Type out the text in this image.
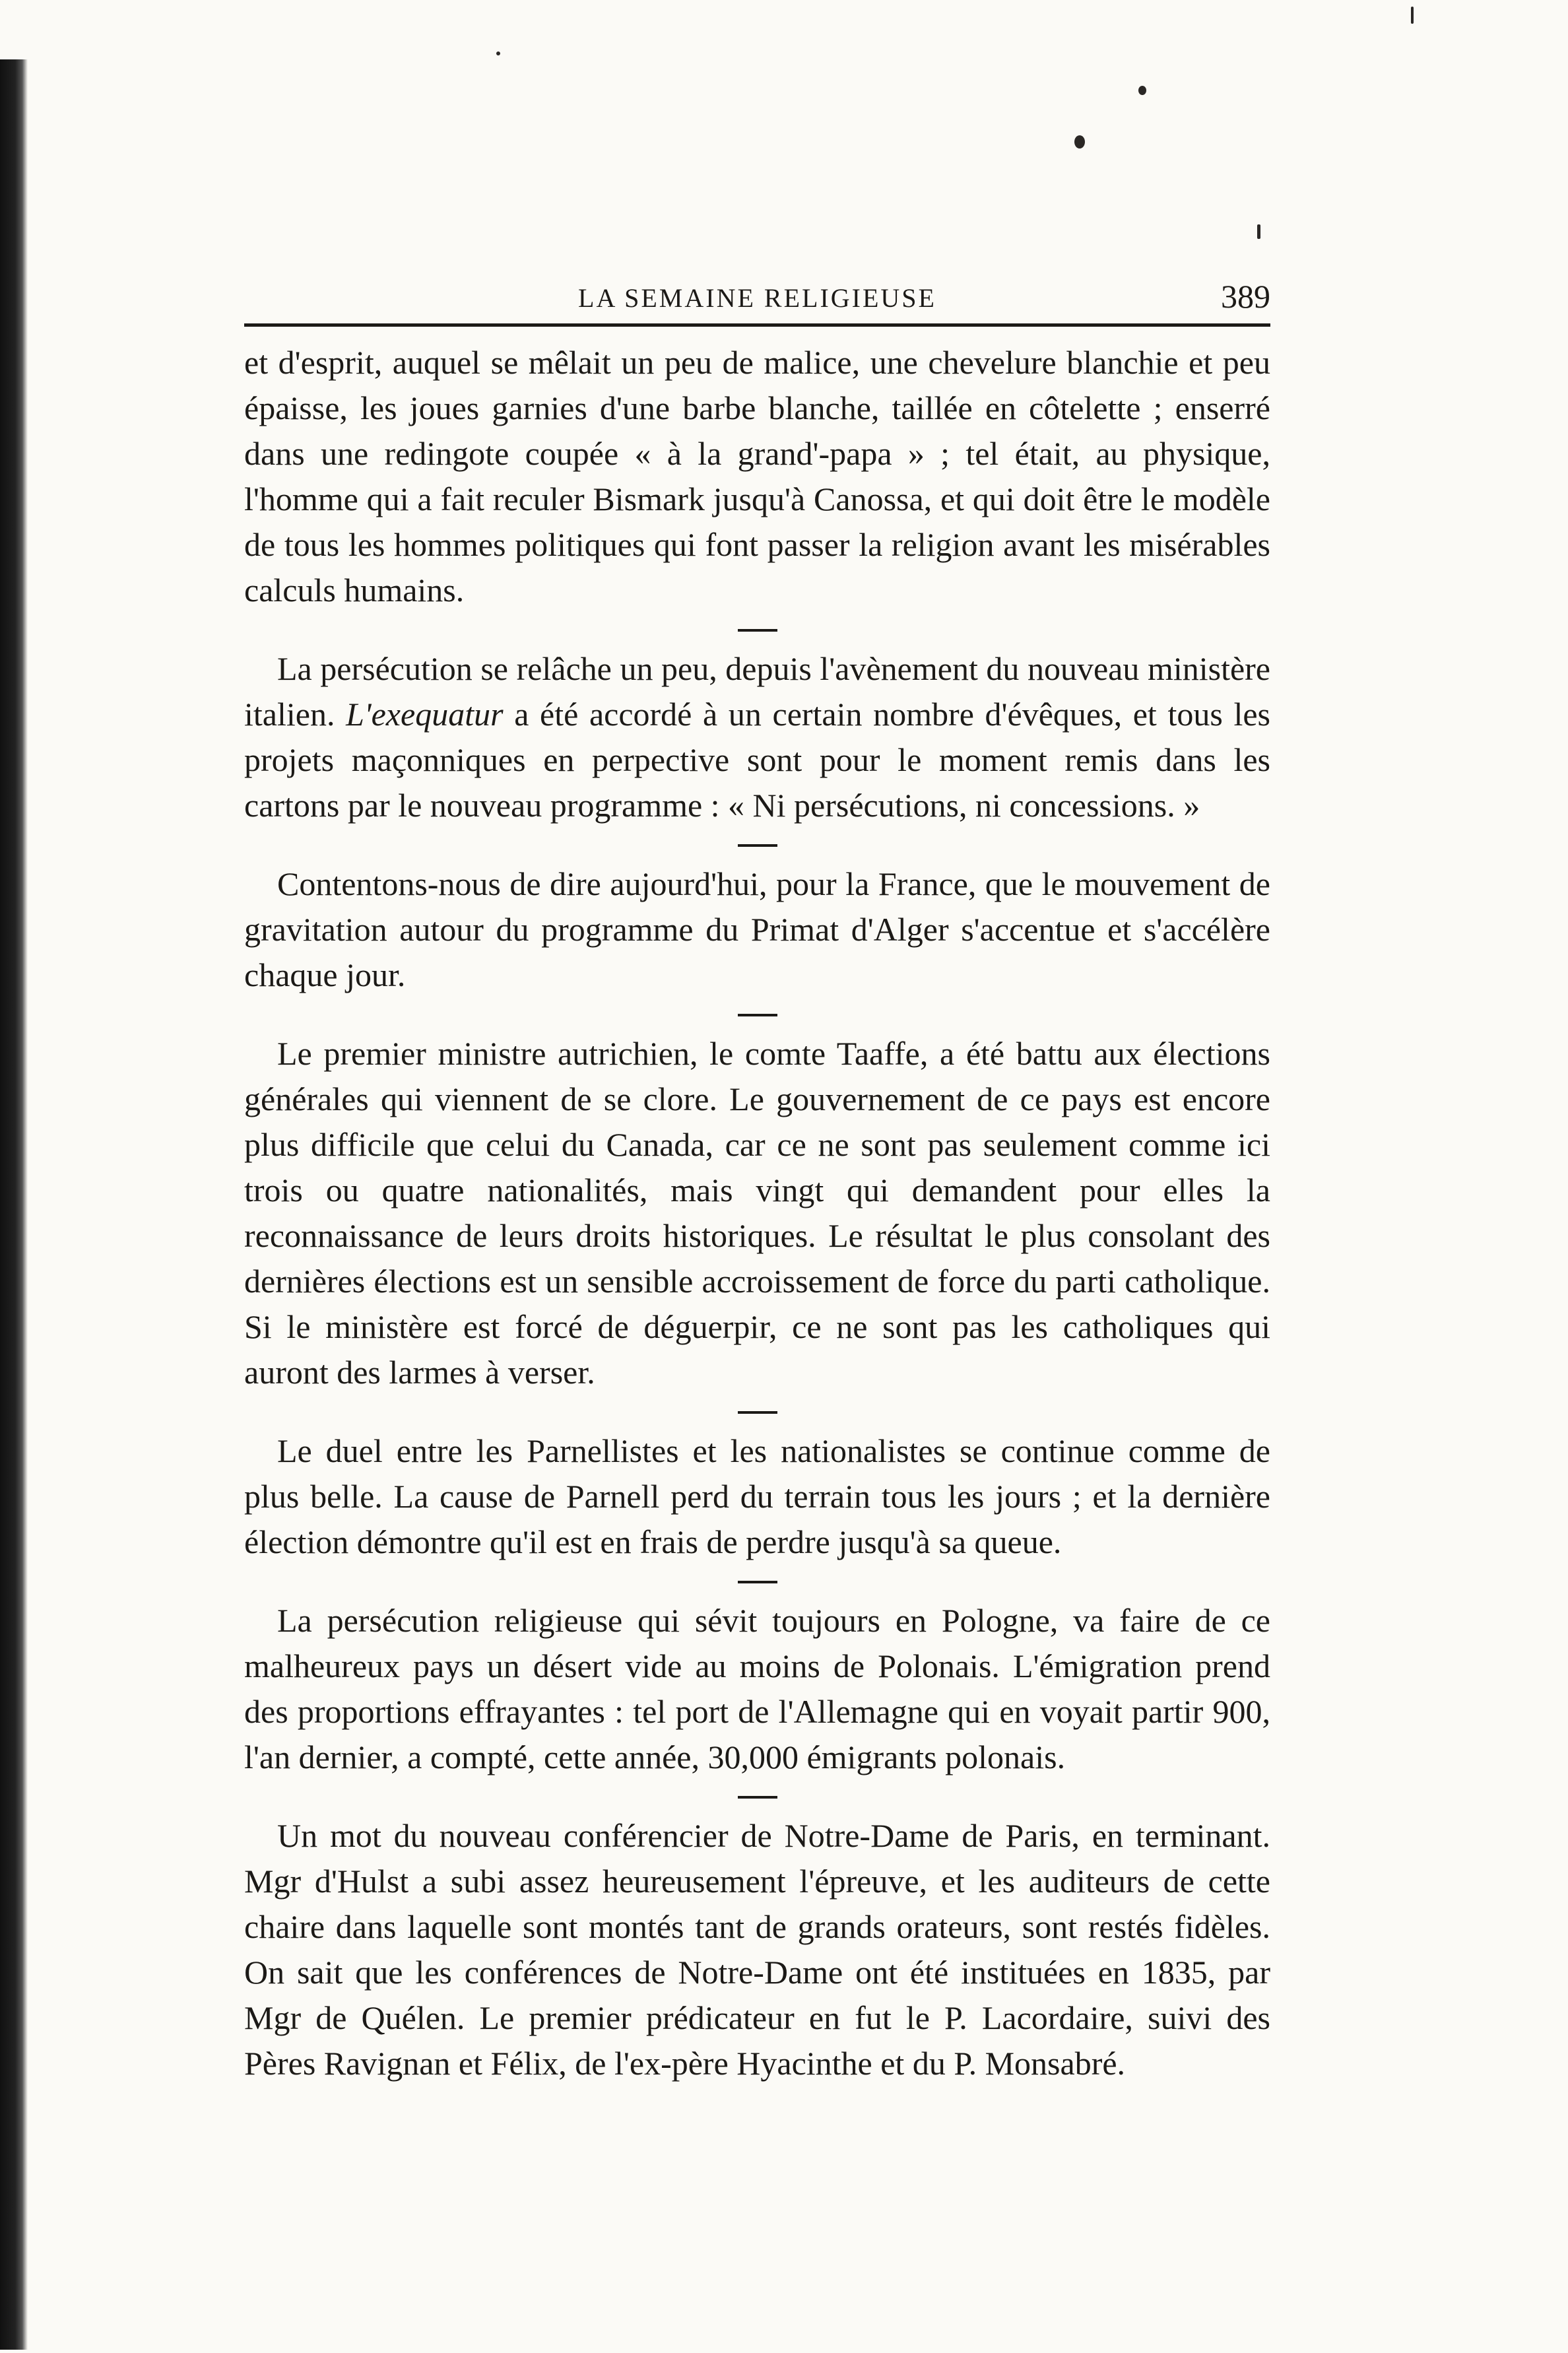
LA SEMAINE RELIGIEUSE	389

et d'esprit, auquel se mêlait un peu de malice, une chevelure blanchie et peu épaisse, les joues garnies d'une barbe blanche, taillée en côtelette ; enserré dans une redingote coupée « à la grand'-papa » ; tel était, au physique, l'homme qui a fait reculer Bismark jusqu'à Canossa, et qui doit être le modèle de tous les hommes politiques qui font passer la religion avant les misérables calculs humains.

La persécution se relâche un peu, depuis l'avènement du nouveau ministère italien. L'exequatur a été accordé à un certain nombre d'évêques, et tous les projets maçonniques en perpective sont pour le moment remis dans les cartons par le nouveau programme : « Ni persécutions, ni concessions. »

Contentons-nous de dire aujourd'hui, pour la France, que le mouvement de gravitation autour du programme du Primat d'Alger s'accentue et s'accélère chaque jour.

Le premier ministre autrichien, le comte Taaffe, a été battu aux élections générales qui viennent de se clore. Le gouvernement de ce pays est encore plus difficile que celui du Canada, car ce ne sont pas seulement comme ici trois ou quatre nationalités, mais vingt qui demandent pour elles la reconnaissance de leurs droits historiques. Le résultat le plus consolant des dernières élections est un sensible accroissement de force du parti catholique. Si le ministère est forcé de déguerpir, ce ne sont pas les catholiques qui auront des larmes à verser.

Le duel entre les Parnellistes et les nationalistes se continue comme de plus belle. La cause de Parnell perd du terrain tous les jours ; et la dernière élection démontre qu'il est en frais de perdre jusqu'à sa queue.

La persécution religieuse qui sévit toujours en Pologne, va faire de ce malheureux pays un désert vide au moins de Polonais. L'émigration prend des proportions effrayantes : tel port de l'Allemagne qui en voyait partir 900, l'an dernier, a compté, cette année, 30,000 émigrants polonais.

Un mot du nouveau conférencier de Notre-Dame de Paris, en terminant. Mgr d'Hulst a subi assez heureusement l'épreuve, et les auditeurs de cette chaire dans laquelle sont montés tant de grands orateurs, sont restés fidèles. On sait que les conférences de Notre-Dame ont été instituées en 1835, par Mgr de Quélen. Le premier prédicateur en fut le P. Lacordaire, suivi des Pères Ravignan et Félix, de l'ex-père Hyacinthe et du P. Monsabré.
